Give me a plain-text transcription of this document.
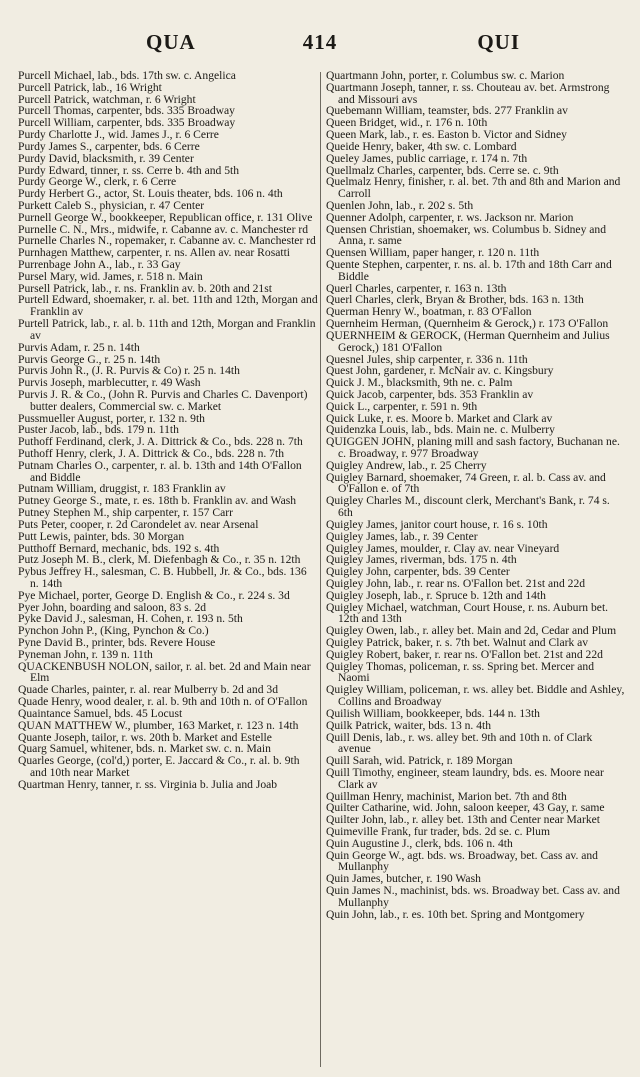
QUA	414	QUI
Purcell Michael, lab., bds. 17th sw. c. Angelica
Purcell Patrick, lab., 16 Wright
Purcell Patrick, watchman, r. 6 Wright
Purcell Thomas, carpenter, bds. 335 Broadway
Purcell William, carpenter, bds. 335 Broadway
Purdy Charlotte J., wid. James J., r. 6 Cerre
Purdy James S., carpenter, bds. 6 Cerre
Purdy David, blacksmith, r. 39 Center
Purdy Edward, tinner, r. ss. Cerre b. 4th and 5th
Purdy George W., clerk, r. 6 Cerre
Purdy Herbert G., actor, St. Louis theater, bds. 106 n. 4th
Purkett Caleb S., physician, r. 47 Center
Purnell George W., bookkeeper, Republican office, r. 131 Olive
Purnelle C. N., Mrs., midwife, r. Cabanne av. c. Manchester rd
Purnelle Charles N., ropemaker, r. Cabanne av. c. Manchester rd
Purnhagen Matthew, carpenter, r. ns. Allen av. near Rosatti
Purrenbage John A., lab., r. 33 Gay
Pursel Mary, wid. James, r. 518 n. Main
Pursell Patrick, lab., r. ns. Franklin av. b. 20th and 21st
Purtell Edward, shoemaker, r. al. bet. 11th and 12th, Morgan and Franklin av
Purtell Patrick, lab., r. al. b. 11th and 12th, Morgan and Franklin av
Purvis Adam, r. 25 n. 14th
Purvis George G., r. 25 n. 14th
Purvis John R., (J. R. Purvis & Co) r. 25 n. 14th
Purvis Joseph, marblecutter, r. 49 Wash
Purvis J. R. & Co., (John R. Purvis and Charles C. Davenport) butter dealers, Commercial sw. c. Market
Pussmueller August, porter, r. 132 n. 9th
Puster Jacob, lab., bds. 179 n. 11th
Puthoff Ferdinand, clerk, J. A. Dittrick & Co., bds. 228 n. 7th
Puthoff Henry, clerk, J. A. Dittrick & Co., bds. 228 n. 7th
Putnam Charles O., carpenter, r. al. b. 13th and 14th O'Fallon and Biddle
Putnam William, druggist, r. 183 Franklin av
Putney George S., mate, r. es. 18th b. Franklin av. and Wash
Putney Stephen M., ship carpenter, r. 157 Carr
Puts Peter, cooper, r. 2d Carondelet av. near Arsenal
Putt Lewis, painter, bds. 30 Morgan
Putthoff Bernard, mechanic, bds. 192 s. 4th
Putz Joseph M. B., clerk, M. Diefenbagh & Co., r. 35 n. 12th
Pybus Jeffrey H., salesman, C. B. Hubbell, Jr. & Co., bds. 136 n. 14th
Pye Michael, porter, George D. English & Co., r. 224 s. 3d
Pyer John, boarding and saloon, 83 s. 2d
Pyke David J., salesman, H. Cohen, r. 193 n. 5th
Pynchon John P., (King, Pynchon & Co.)
Pyne David B., printer, bds. Revere House
Pyneman John, r. 139 n. 11th
QUACKENBUSH NOLON, sailor, r. al. bet. 2d and Main near Elm
Quade Charles, painter, r. al. rear Mulberry b. 2d and 3d
Quade Henry, wood dealer, r. al. b. 9th and 10th n. of O'Fallon
Quaintance Samuel, bds. 45 Locust
QUAN MATTHEW W., plumber, 163 Market, r. 123 n. 14th
Quante Joseph, tailor, r. ws. 20th b. Market and Estelle
Quarg Samuel, whitener, bds. n. Market sw. c. n. Main
Quarles George, (col'd,) porter, E. Jaccard & Co., r. al. b. 9th and 10th near Market
Quartman Henry, tanner, r. ss. Virginia b. Julia and Joab
Quartmann John, porter, r. Columbus sw. c. Marion
Quartmann Joseph, tanner, r. ss. Chouteau av. bet. Armstrong and Missouri avs
Quebemann William, teamster, bds. 277 Franklin av
Queen Bridget, wid., r. 176 n. 10th
Queen Mark, lab., r. es. Easton b. Victor and Sidney
Queide Henry, baker, 4th sw. c. Lombard
Queley James, public carriage, r. 174 n. 7th
Quellmalz Charles, carpenter, bds. Cerre se. c. 9th
Quelmalz Henry, finisher, r. al. bet. 7th and 8th and Marion and Carroll
Quenlen John, lab., r. 202 s. 5th
Quenner Adolph, carpenter, r. ws. Jackson nr. Marion
Quensen Christian, shoemaker, ws. Columbus b. Sidney and Anna, r. same
Quensen William, paper hanger, r. 120 n. 11th
Quente Stephen, carpenter, r. ns. al. b. 17th and 18th Carr and Biddle
Querl Charles, carpenter, r. 163 n. 13th
Querl Charles, clerk, Bryan & Brother, bds. 163 n. 13th
Querman Henry W., boatman, r. 83 O'Fallon
Quernheim Herman, (Quernheim & Gerock,) r. 173 O'Fallon
QUERNHEIM & GEROCK, (Herman Quernheim and Julius Gerock,) 181 O'Fallon
Quesnel Jules, ship carpenter, r. 336 n. 11th
Quest John, gardener, r. McNair av. c. Kingsbury
Quick J. M., blacksmith, 9th ne. c. Palm
Quick Jacob, carpenter, bds. 353 Franklin av
Quick L., carpenter, r. 591 n. 9th
Quick Luke, r. es. Moore b. Market and Clark av
Quidenzka Louis, lab., bds. Main ne. c. Mulberry
QUIGGEN JOHN, planing mill and sash factory, Buchanan ne. c. Broadway, r. 977 Broadway
Quigley Andrew, lab., r. 25 Cherry
Quigley Barnard, shoemaker, 74 Green, r. al. b. Cass av. and O'Fallon e. of 7th
Quigley Charles M., discount clerk, Merchant's Bank, r. 74 s. 6th
Quigley James, janitor court house, r. 16 s. 10th
Quigley James, lab., r. 39 Center
Quigley James, moulder, r. Clay av. near Vineyard
Quigley James, riverman, bds. 175 n. 4th
Quigley John, carpenter, bds. 39 Center
Quigley John, lab., r. rear ns. O'Fallon bet. 21st and 22d
Quigley Joseph, lab., r. Spruce b. 12th and 14th
Quigley Michael, watchman, Court House, r. ns. Auburn bet. 12th and 13th
Quigley Owen, lab., r. alley bet. Main and 2d, Cedar and Plum
Quigley Patrick, baker, r. s. 7th bet. Walnut and Clark av
Quigley Robert, baker, r. rear ns. O'Fallon bet. 21st and 22d
Quigley Thomas, policeman, r. ss. Spring bet. Mercer and Naomi
Quigley William, policeman, r. ws. alley bet. Biddle and Ashley, Collins and Broadway
Quilish William, bookkeeper, bds. 144 n. 13th
Quilk Patrick, waiter, bds. 13 n. 4th
Quill Denis, lab., r. ws. alley bet. 9th and 10th n. of Clark avenue
Quill Sarah, wid. Patrick, r. 189 Morgan
Quill Timothy, engineer, steam laundry, bds. es. Moore near Clark av
Quillman Henry, machinist, Marion bet. 7th and 8th
Quilter Catharine, wid. John, saloon keeper, 43 Gay, r. same
Quilter John, lab., r. alley bet. 13th and Center near Market
Quimeville Frank, fur trader, bds. 2d se. c. Plum
Quin Augustine J., clerk, bds. 106 n. 4th
Quin George W., agt. bds. ws. Broadway, bet. Cass av. and Mullanphy
Quin James, butcher, r. 190 Wash
Quin James N., machinist, bds. ws. Broadway bet. Cass av. and Mullanphy
Quin John, lab., r. es. 10th bet. Spring and Montgomery
